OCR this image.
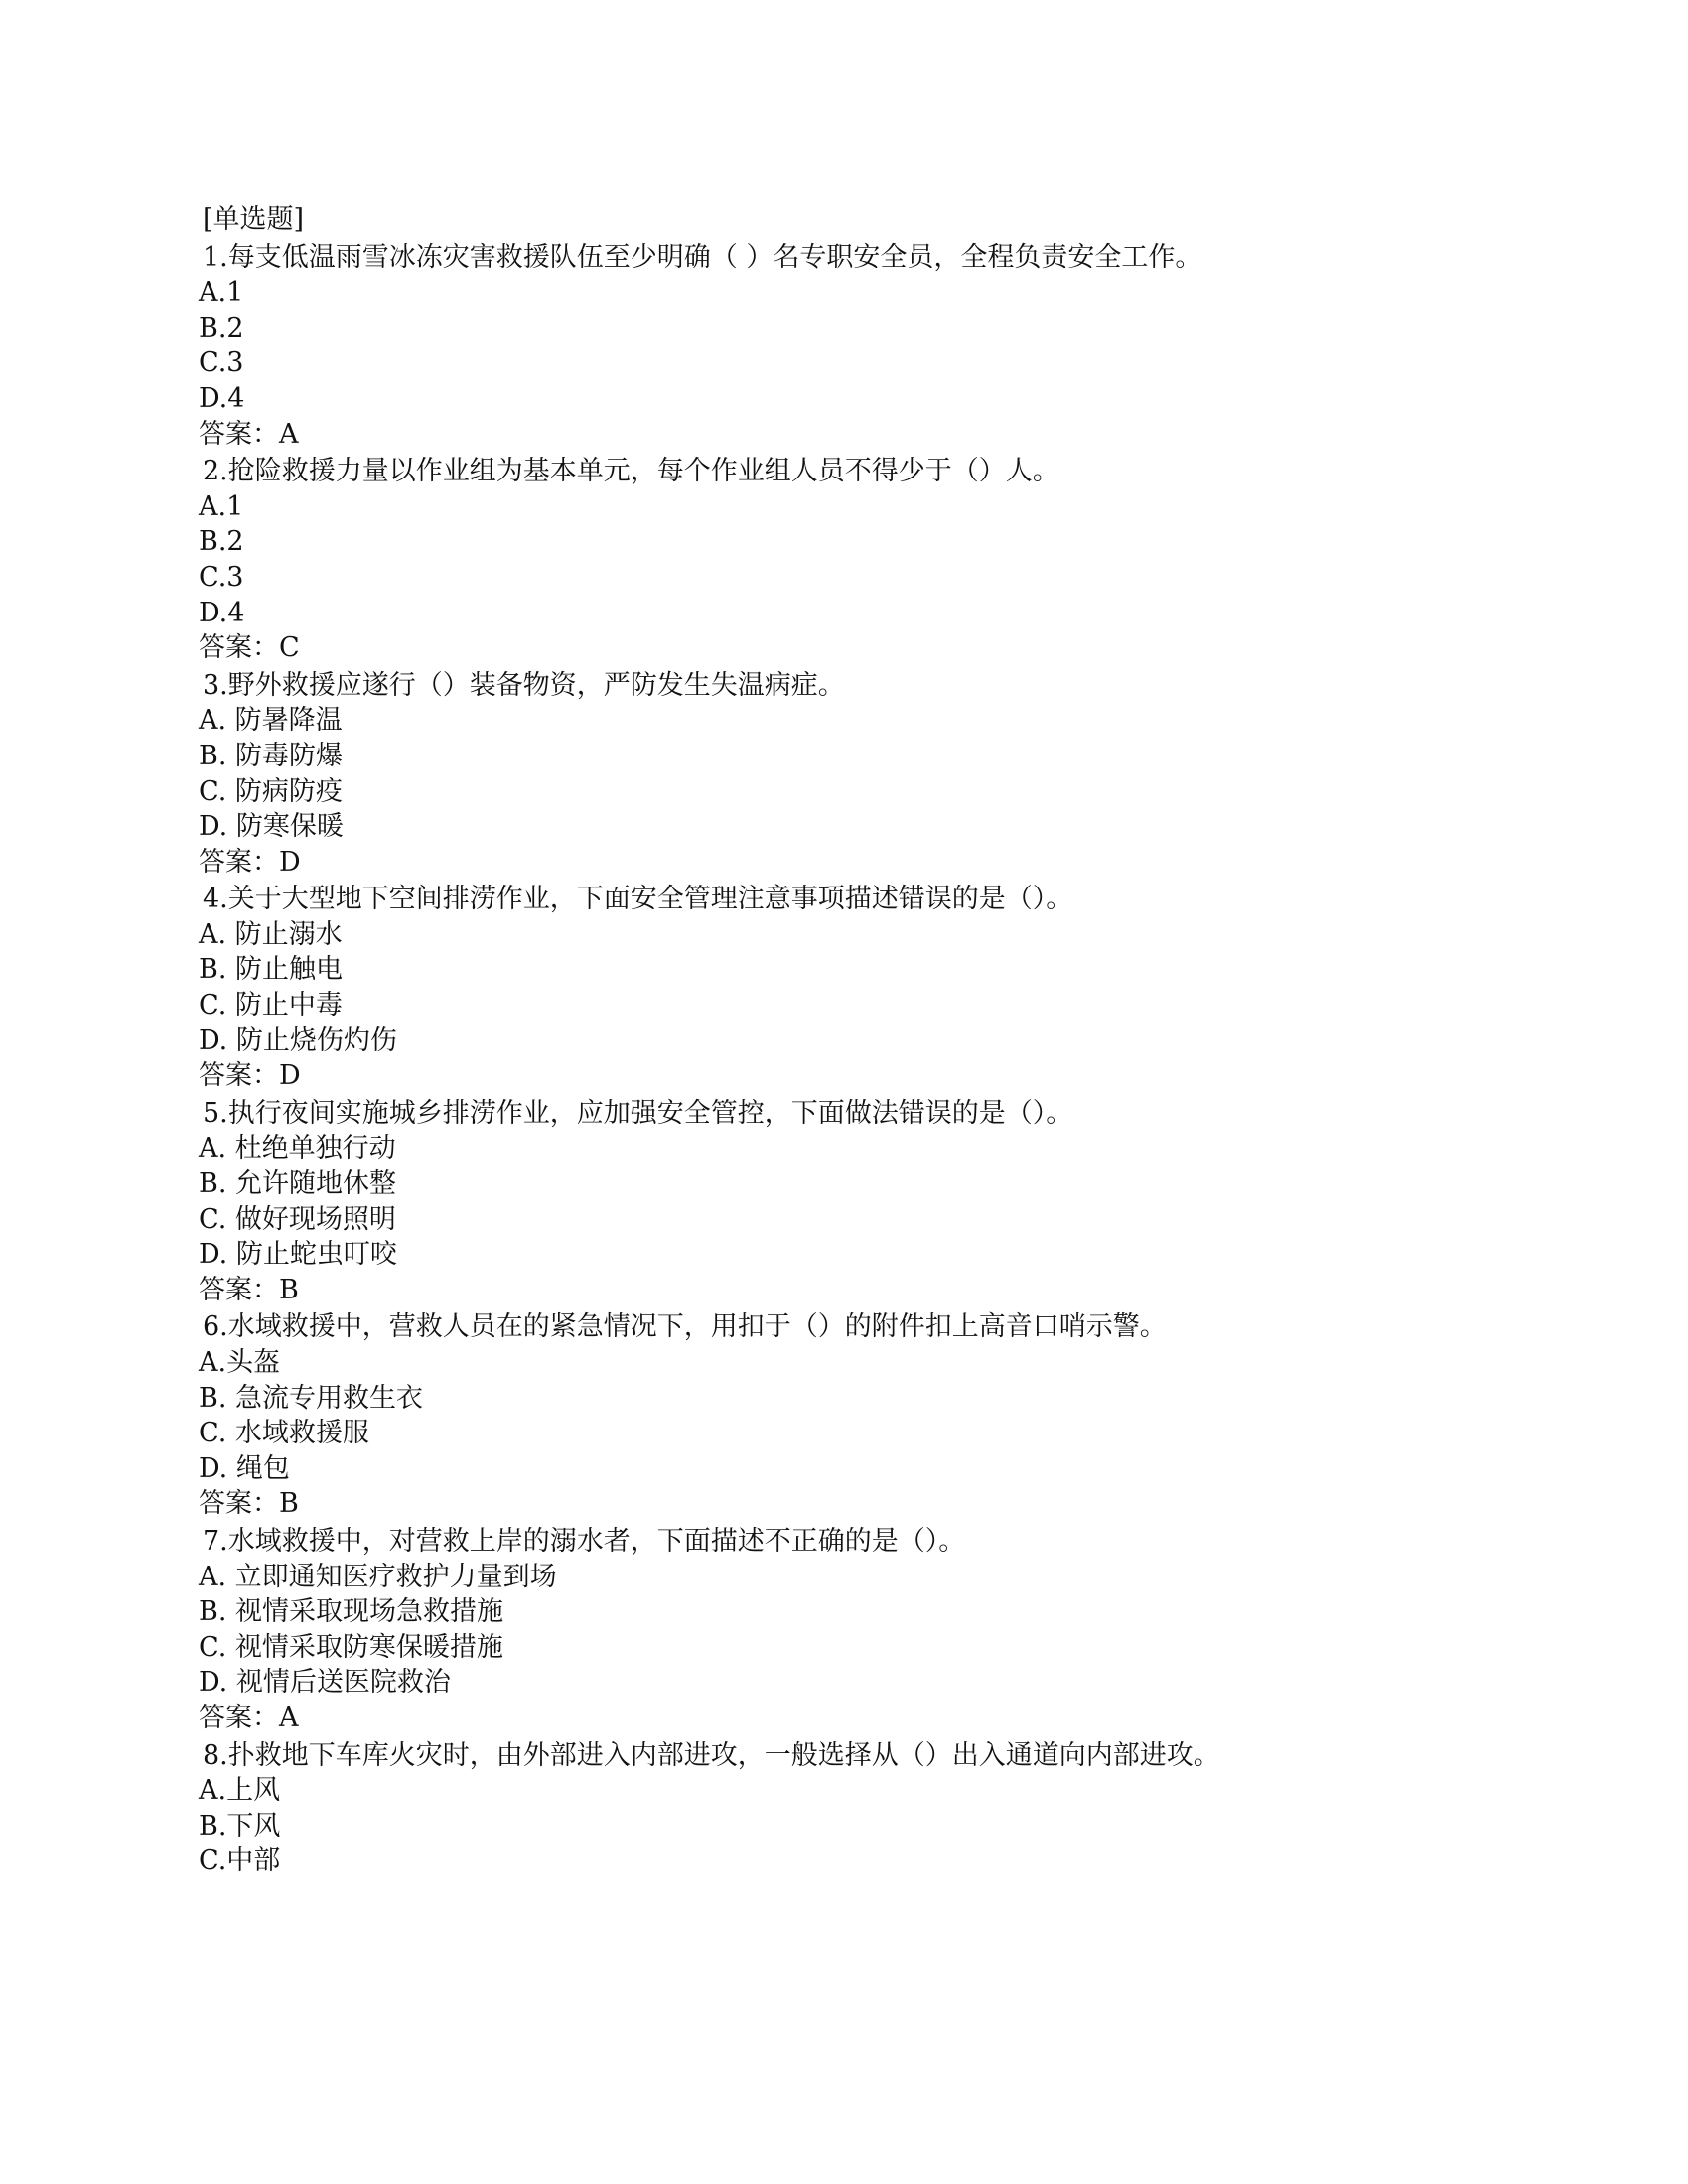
[单选题]
1.每支低温雨雪冰冻灾害救援队伍至少明确（ ）名专职安全员，全程负责安全工作。
A.1
B.2
C.3
D.4
答案：A
2.抢险救援力量以作业组为基本单元，每个作业组人员不得少于（）人。
A.1
B.2
C.3
D.4
答案：C
3.野外救援应遂行（）装备物资，严防发生失温病症。
A. 防暑降温
B. 防毒防爆
C. 防病防疫
D. 防寒保暖
答案：D
4.关于大型地下空间排涝作业，下面安全管理注意事项描述错误的是（）。
A. 防止溺水
B. 防止触电
C. 防止中毒
D. 防止烧伤灼伤
答案：D
5.执行夜间实施城乡排涝作业，应加强安全管控，下面做法错误的是（）。
A. 杜绝单独行动
B. 允许随地休整
C. 做好现场照明
D. 防止蛇虫叮咬
答案：B
6.水域救援中，营救人员在的紧急情况下，用扣于（）的附件扣上高音口哨示警。
A.头盔
B. 急流专用救生衣
C. 水域救援服
D. 绳包
答案：B
7.水域救援中，对营救上岸的溺水者，下面描述不正确的是（）。
A. 立即通知医疗救护力量到场
B. 视情采取现场急救措施
C. 视情采取防寒保暖措施
D. 视情后送医院救治
答案：A
8.扑救地下车库火灾时，由外部进入内部进攻，一般选择从（）出入通道向内部进攻。
A.上风
B.下风
C.中部
